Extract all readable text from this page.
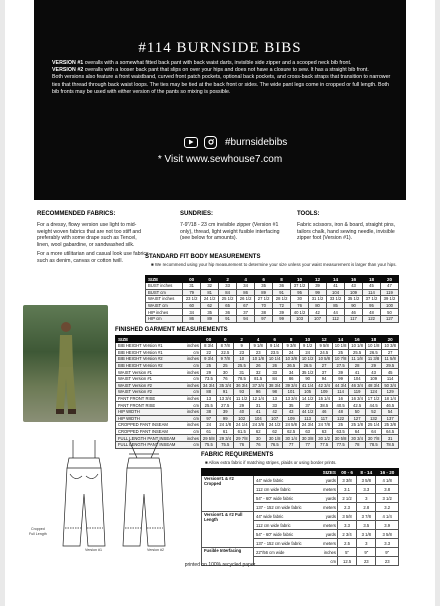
#114 BURNSIDE BIBS

VERSION #1 overalls with a somewhat fitted back pant with back waist darts, invisible side zipper and a scooped neck bib front.

VERSION #2 overalls with a looser back pant that slips on over your hips and does not have a closure to sew. It has a straight bib front.

Both versions also feature a front waistband, curved front patch pockets, optional back pockets, and cross-back straps that transition to narrower ties that thread through back waist loops. The ties may be tied at the back front or sides. The wide pant legs come in cropped or full length. Both bib fronts may be used with either version of the pants so mixing is possible.

#burnsidebibs
* Visit www.sewhouse7.com
RECOMMENDED FABRICS:

For a dressy, flowy version use light to mid-weight woven fabrics that are not too stiff and preferably with some drape such as Tencel, linen, wool gabardine, or sandwashed silk.

For a more utilitarian and casual look use fabrics such as denim, canvas or cotton twill.

SUNDRIES:
7-9"/18 - 23 cm invisible zipper (Version #1 only), thread, light weight fusible interfacing (see below for amounts).
TOOLS:
Fabric scissors, iron & board, straight pins, tailors chalk, hand sewing needle, invisible zipper foot (Version #1).
STANDARD FIT BODY MEASUREMENTS
■ We recommend using your hip measurement to determine your size unless your waist measurement is larger than your hips.
SIZE	00	0	2	4	6	8	10	12	14	16	18	20
BUST inches	31	32	33	34	35	36	37 1/2	39	41	43	45	47
BUST cm	79	81	84	86	89	91	95	99	104	109	114	119
WAIST inches	23 1/2	24 1/2	25 1/2	26 1/2	27 1/2	28 1/2	30	31 1/2	33 1/2	35 1/2	37 1/2	39 1/2
WAIST cm	60	62	65	67	70	72	76	80	85	90	95	100
HIP inches	34	35	36	37	38	39	40 1/2	42	44	46	48	50
HIP cm	86	89	91	94	97	99	103	107	112	117	122	127
FINISHED GARMENT MEASUREMENTS
SIZE		00	0	2	4	6	8	10	12	14	16	18	20
BIB HEIGHT Version #1	inches	8 3/4	8 7/8	9	9 1/8	9 1/4	9 3/8	9 1/2	9 5/8	10 1/8	10 1/8	10 1/8	10 3/8
BIB HEIGHT Version #1	cm	22	22.5	23	23	23.5	24	24	24.5	25	25.5	26.5	27
BIB HEIGHT Version #2	inches	9 3/4	9 7/8	10	10 1/8	10 1/4	10 3/8	10 1/2	10 5/8	10 7/8	11 1/8	11 3/8	11 5/8
BIB HEIGHT Version #2	cm	25	25	25.5	26	26	26.5	26.5	27	27.5	28	29	29.5
WAIST Version #1	inches	29	30	31	32	33	34	35 1/2	37	39	41	43	45
WAIST Version #1	cm	73.5	76	78.5	81.5	84	86	90	94	99	104	109	114
WAIST Version #2	inches	34 3/4	35 3/4	36 3/4	37 3/4	38 3/4	39 3/4	41 1/4	42 3/4	44 3/4	46 3/4	48 3/4	50 3/4
WAIST Version #2	cm	88	91	93	96	98	101	105	109	114	119	124	129
PANT FRONT RISE	inches	13	13 3/4	11 1/2	12 1/4	13	13 3/4	14 1/2	15 1/4	16	16 3/4	17 1/2	18 1/4
PANT FRONT RISE	cm	25.5	27.5	29	31	33	35	37	38.5	40.5	42.5	44.5	46.5
HIP WIDTH	inches	38	39	40	41	42	43	44 1/2	46	48	50	52	54
HIP WIDTH	cm	97	99	102	104	107	109	113	117	122	127	132	137
CROPPED PANT INSEAM	inches	24	24 1/8	24 1/4	24 3/8	24 1/2	24 5/8	24 3/4	24 7/8	25	25 1/8	25 1/4	25 3/8
CROPPED PANT INSEAM	cm	61	61	61.5	62	62	62.5	63	63	63.5	64	64	64.5
FULL LENGTH PANT INSEAM	inches	29 5/8	29 3/4	29 7/8	30	30 1/8	30 1/4	30 3/8	30 1/2	30 5/8	30 3/4	30 7/8	31
FULL LENGTH PANT INSEAM	cm	75.5	75.5	76	76	76.5	77	77	77.5	77.5	78	78.5	78.5
Cropped
Full Length
Version #1	Version #2
FABRIC REQUIREMENTS
■ Allow extra fabric if matching stripes, plaids or using border prints.
SIZES			00 - 6	8 - 14	16 - 20
Version#1 & #2 Cropped	44" wide fabric	yards	3 3/8	3 5/8	4 1/8
	112 cm wide fabric	meters	3.1	3.3	3.8
	54" - 60" wide fabric	yards	2 1/2	3	3 1/2
	137 - 152 cm wide fabric	meters	2.3	2.8	3.2
Version#1 & #2 Full Length	44" wide fabric	yards	3 5/8	3 7/8	4 1/4
	112 cm wide fabric	meters	3.3	3.5	3.9
	54" - 60" wide fabric	yards	2 3/4	3 1/8	3 5/8
	137 - 152 cm wide fabric	meters	2.5	3	3.3
Fusible Interfacing	22"/56 cm wide	inches	5"	9"	9"
		cm	12.5	23	23
printed on 100% recycled paper
